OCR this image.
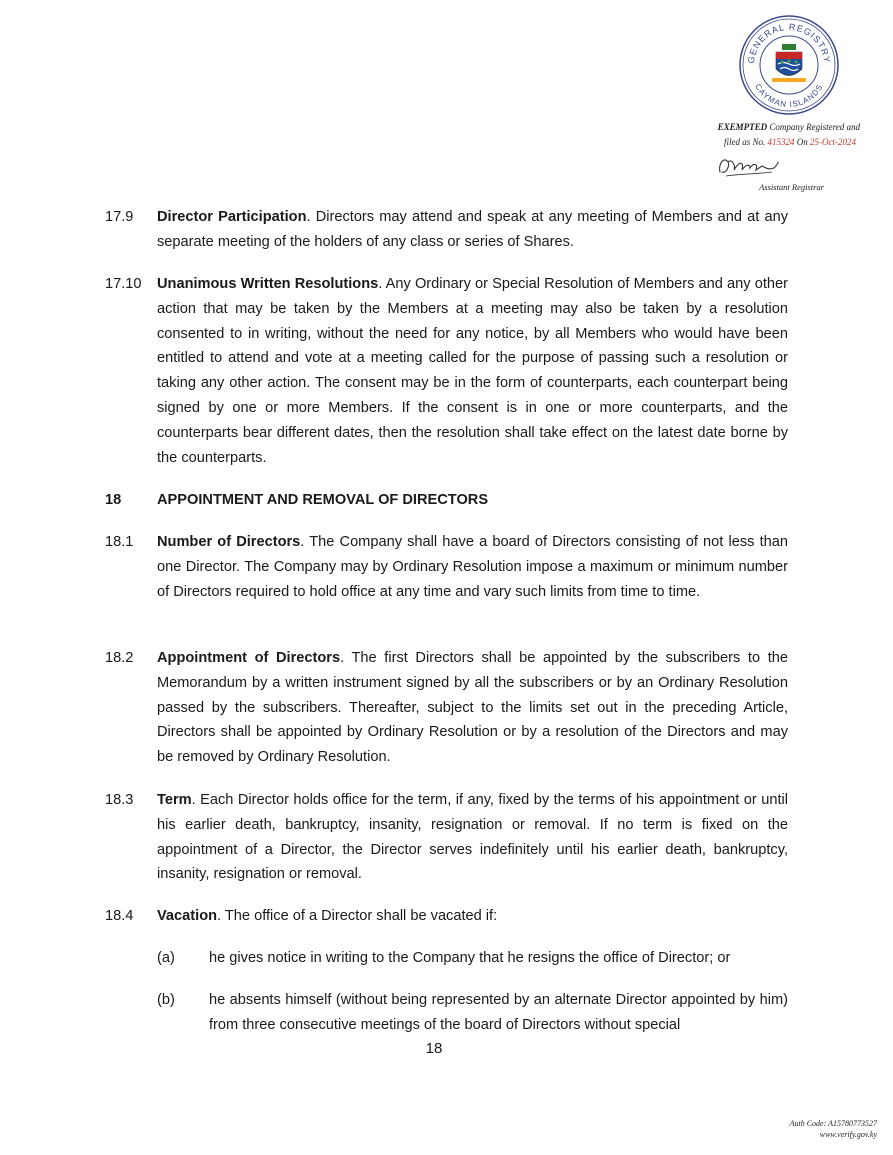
GENERAL REGISTRY
CAYMAN ISLANDS
EXEMPTED Company Registered and
filed as No. 415324 On 25-Oct-2024
Assistant Registrar
17.9 Director Participation. Directors may attend and speak at any meeting of Members and at any separate meeting of the holders of any class or series of Shares.
17.10 Unanimous Written Resolutions. Any Ordinary or Special Resolution of Members and any other action that may be taken by the Members at a meeting may also be taken by a resolution consented to in writing, without the need for any notice, by all Members who would have been entitled to attend and vote at a meeting called for the purpose of passing such a resolution or taking any other action. The consent may be in the form of counterparts, each counterpart being signed by one or more Members. If the consent is in one or more counterparts, and the counterparts bear different dates, then the resolution shall take effect on the latest date borne by the counterparts.
18 APPOINTMENT AND REMOVAL OF DIRECTORS
18.1 Number of Directors. The Company shall have a board of Directors consisting of not less than one Director. The Company may by Ordinary Resolution impose a maximum or minimum number of Directors required to hold office at any time and vary such limits from time to time.
18.2 Appointment of Directors. The first Directors shall be appointed by the subscribers to the Memorandum by a written instrument signed by all the subscribers or by an Ordinary Resolution passed by the subscribers. Thereafter, subject to the limits set out in the preceding Article, Directors shall be appointed by Ordinary Resolution or by a resolution of the Directors and may be removed by Ordinary Resolution.
18.3 Term. Each Director holds office for the term, if any, fixed by the terms of his appointment or until his earlier death, bankruptcy, insanity, resignation or removal. If no term is fixed on the appointment of a Director, the Director serves indefinitely until his earlier death, bankruptcy, insanity, resignation or removal.
18.4 Vacation. The office of a Director shall be vacated if:
(a) he gives notice in writing to the Company that he resigns the office of Director; or
(b) he absents himself (without being represented by an alternate Director appointed by him) from three consecutive meetings of the board of Directors without special
18
Auth Code: A15780773527
www.verify.gov.ky
